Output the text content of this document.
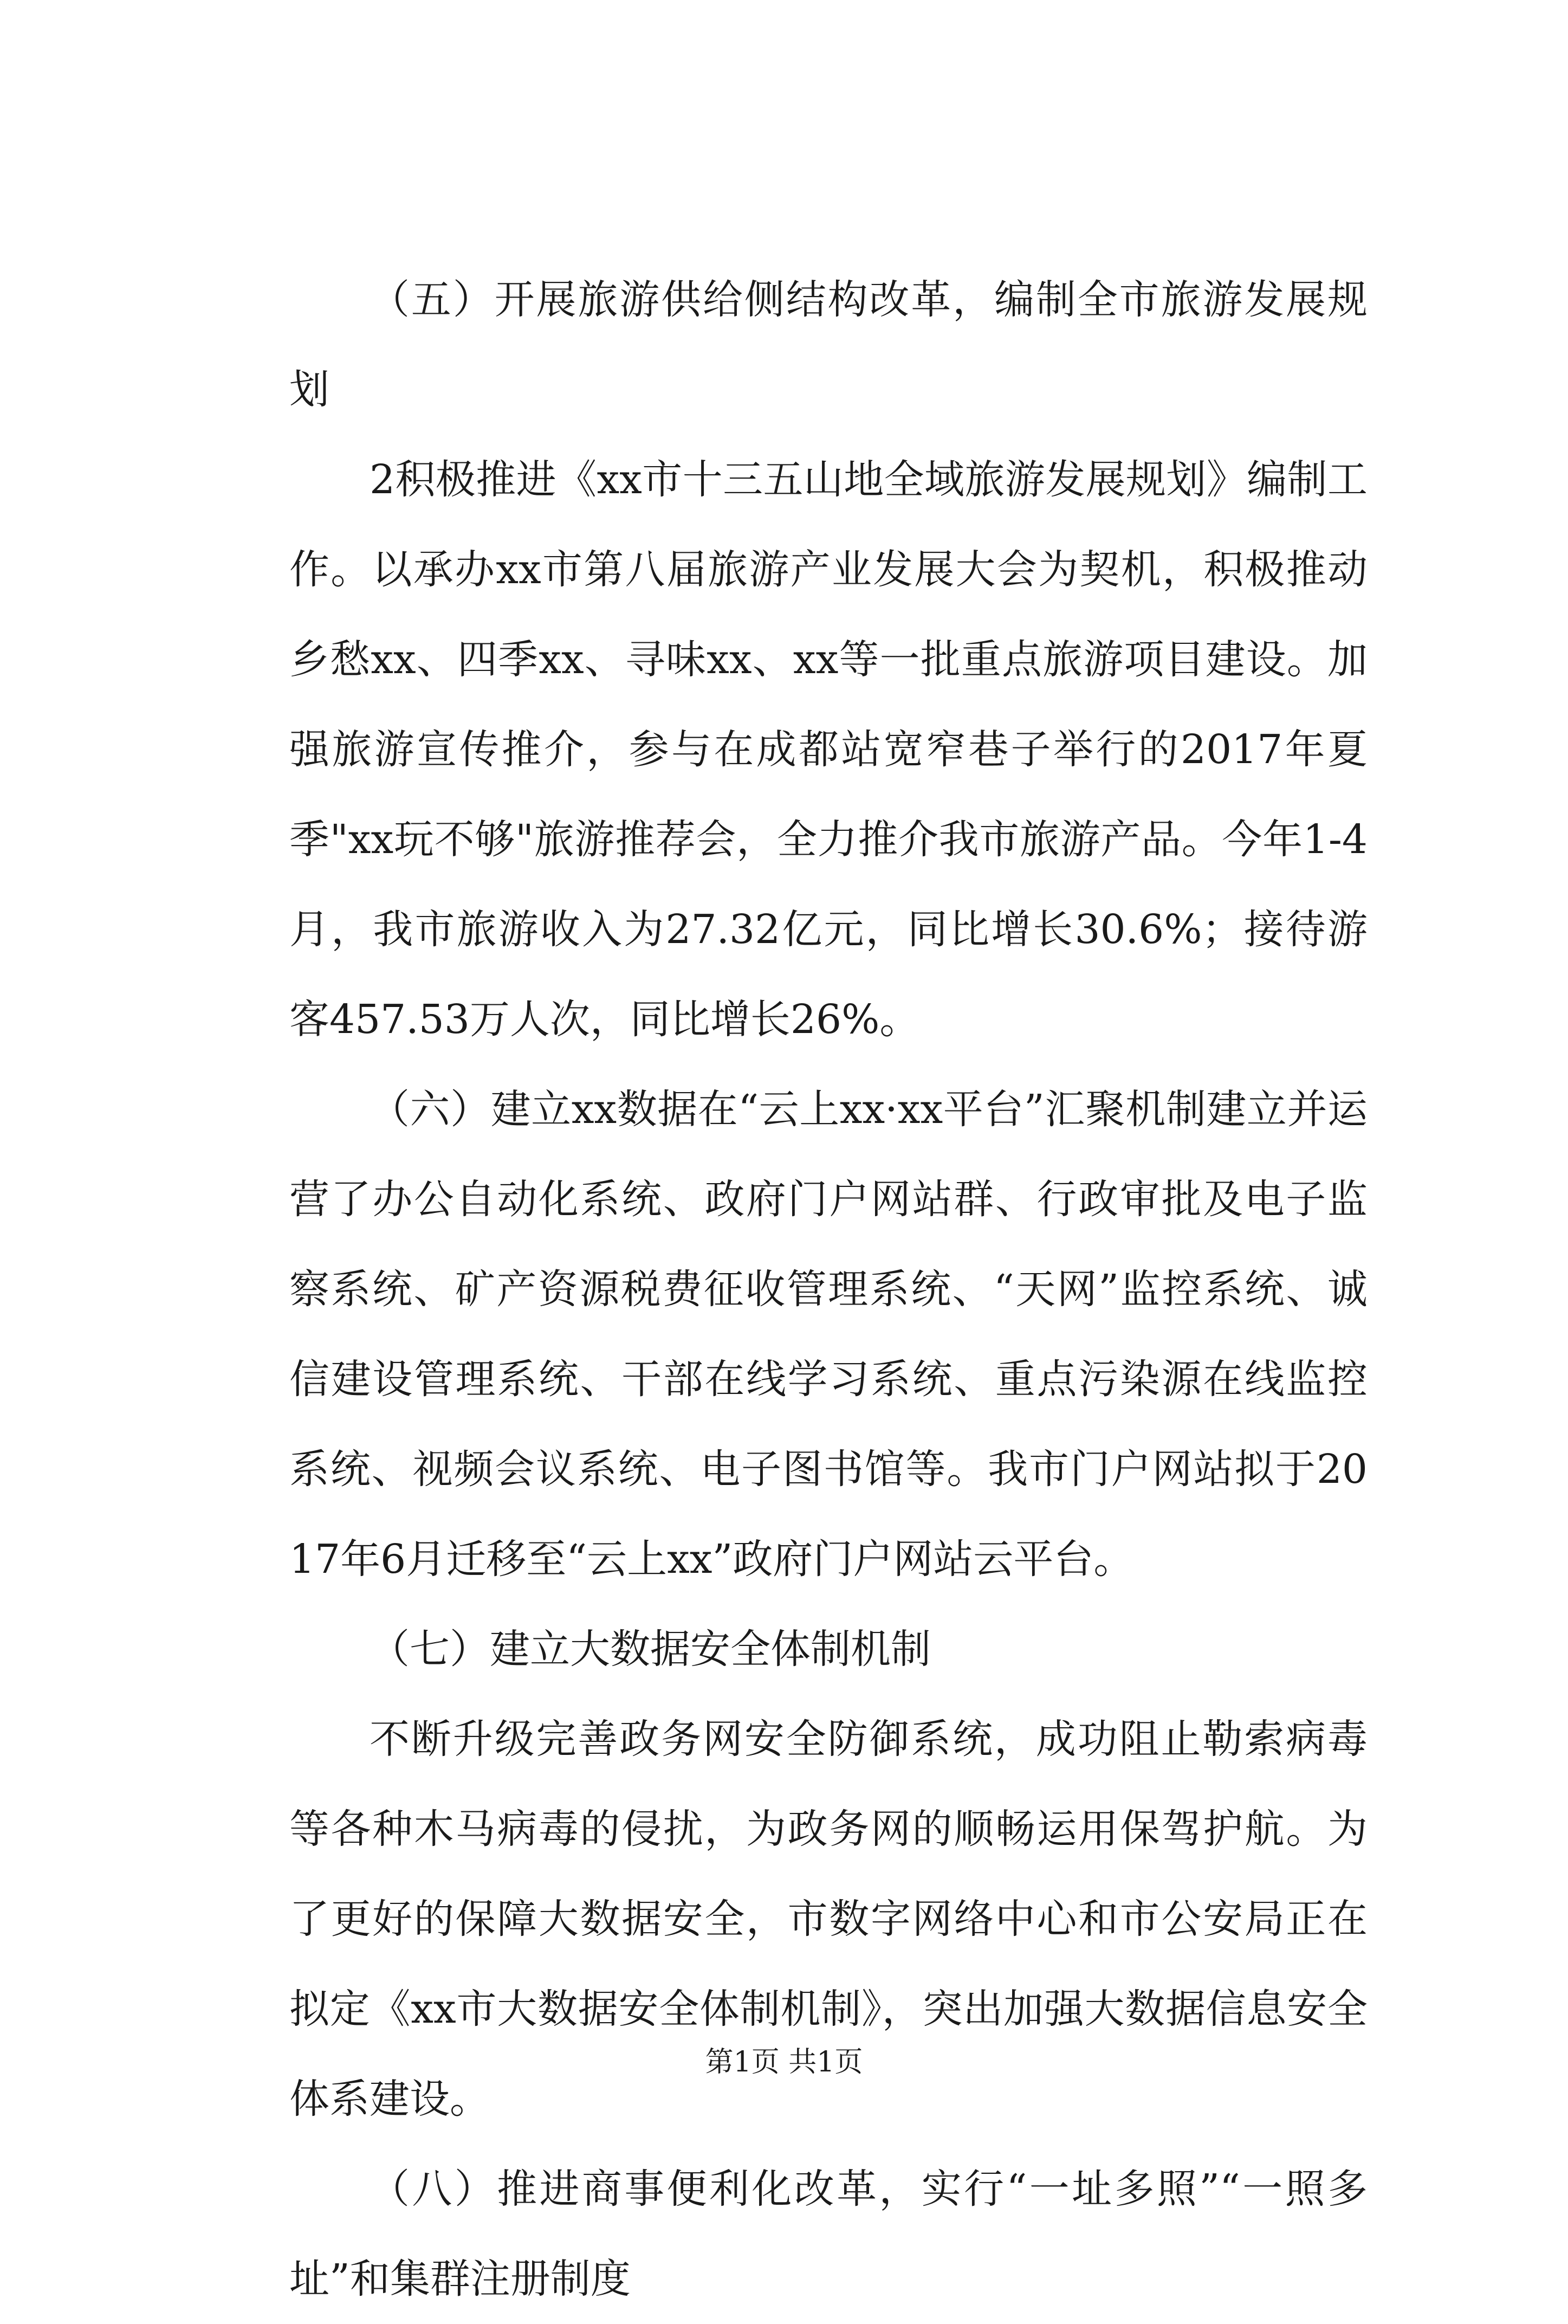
（五）开展旅游供给侧结构改革，编制全市旅游发展规划

2积极推进《xx市十三五山地全域旅游发展规划》编制工作。以承办xx市第八届旅游产业发展大会为契机，积极推动乡愁xx、四季xx、寻味xx、xx等一批重点旅游项目建设。加强旅游宣传推介，参与在成都站宽窄巷子举行的2017年夏季"xx玩不够"旅游推荐会，全力推介我市旅游产品。今年1-4月，我市旅游收入为27.32亿元，同比增长30.6%；接待游客457.53万人次，同比增长26%。

（六）建立xx数据在“云上xx·xx平台”汇聚机制建立并运营了办公自动化系统、政府门户网站群、行政审批及电子监察系统、矿产资源税费征收管理系统、“天网”监控系统、诚信建设管理系统、干部在线学习系统、重点污染源在线监控系统、视频会议系统、电子图书馆等。我市门户网站拟于2017年6月迁移至“云上xx”政府门户网站云平台。

（七）建立大数据安全体制机制

不断升级完善政务网安全防御系统，成功阻止勒索病毒等各种木马病毒的侵扰，为政务网的顺畅运用保驾护航。为了更好的保障大数据安全，市数字网络中心和市公安局正在拟定《xx市大数据安全体制机制》，突出加强大数据信息安全体系建设。

（八）推进商事便利化改革，实行“一址多照”“一照多址”和集群注册制度

第1页 共1页
